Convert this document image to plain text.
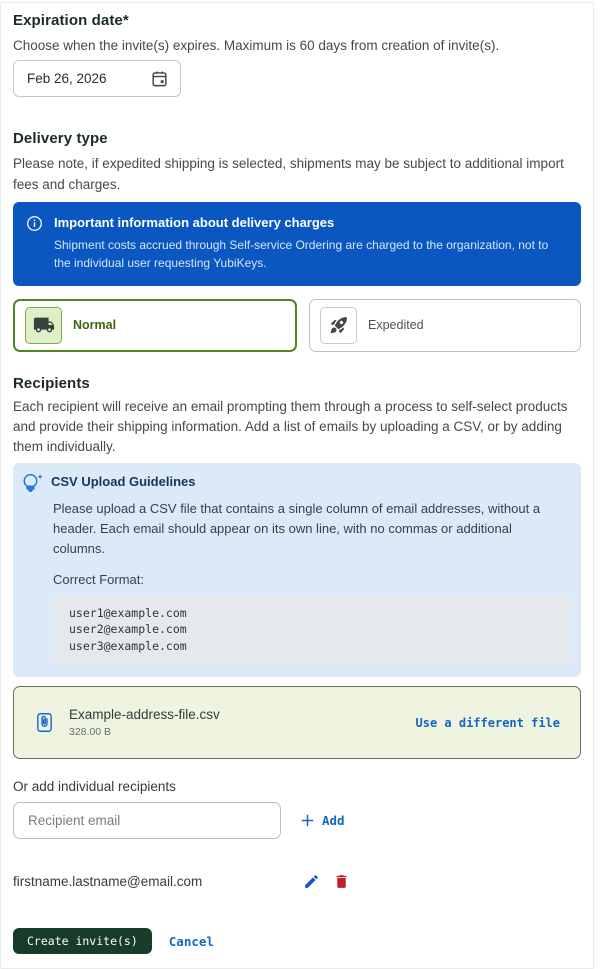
Expiration date*

Choose when the invite(s) expires. Maximum is 60 days from creation of invite(s).

Feb 26, 2026
Delivery type

Please note, if expedited shipping is selected, shipments may be subject to additional import fees and charges.

Important information about delivery charges
Shipment costs accrued through Self-service Ordering are charged to the organization, not to the individual user requesting YubiKeys.
Normal	Expedited
Recipients

Each recipient will receive an email prompting them through a process to self-select products and provide their shipping information. Add a list of emails by uploading a CSV, or by adding them individually.

CSV Upload Guidelines

Please upload a CSV file that contains a single column of email addresses, without a header. Each email should appear on its own line, with no commas or additional columns.

Correct Format:
user1@example.com
user2@example.com
user3@example.com
Example-address-file.csv
328.00 B
Use a different file
Or add individual recipients
Recipient email
Add
firstname.lastname@email.com
Create invite(s)	Cancel
